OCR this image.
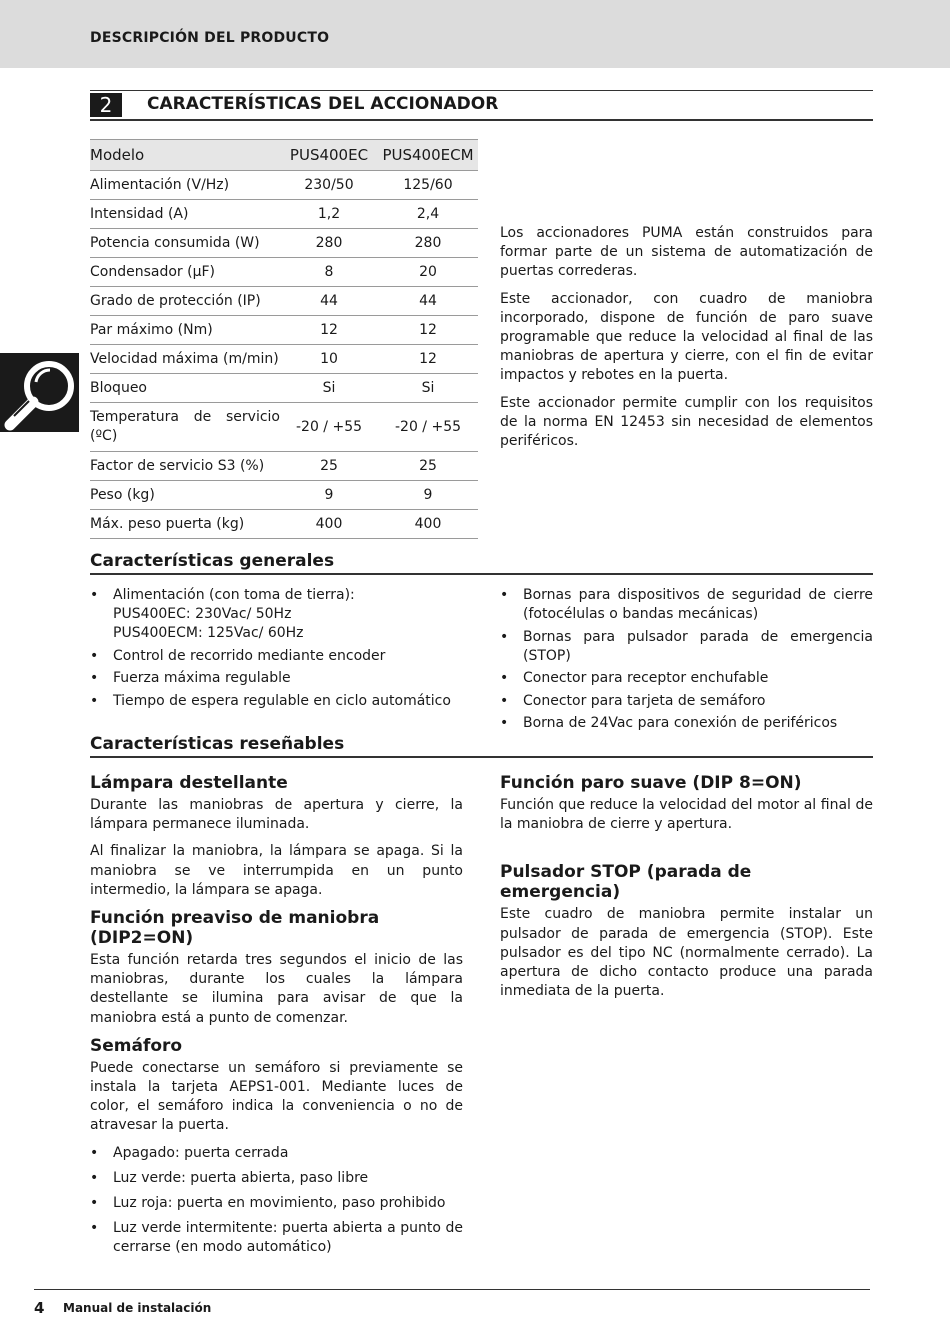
DESCRIPCIÓN DEL PRODUCTO
2	CARACTERÍSTICAS DEL ACCIONADOR
Modelo	PUS400EC	PUS400ECM
Alimentación (V/Hz)	230/50	125/60
Intensidad (A)	1,2	2,4
Potencia consumida (W)	280	280
Condensador (µF)	8	20
Grado de protección (IP)	44	44
Par máximo (Nm)	12	12
Velocidad máxima (m/min)	10	12
Bloqueo	Si	Si
Temperatura de servicio (ºC)	-20 / +55	-20 / +55
Factor de servicio S3 (%)	25	25
Peso (kg)	9	9
Máx. peso puerta (kg)	400	400

Los accionadores PUMA están construidos para formar parte de un sistema de automatización de puertas correderas.

Este accionador, con cuadro de maniobra incorporado, dispone de función de paro suave programable que reduce la velocidad al final de las maniobras de apertura y cierre, con el fin de evitar impactos y rebotes en la puerta.

Este accionador permite cumplir con los requisitos de la norma EN 12453 sin necesidad de elementos periféricos.

Características generales
• Alimentación (con toma de tierra):
PUS400EC: 230Vac/ 50Hz
PUS400ECM: 125Vac/ 60Hz
• Control de recorrido mediante encoder
• Fuerza máxima regulable
• Tiempo de espera regulable en ciclo automático
• Bornas para dispositivos de seguridad de cierre (fotocélulas o bandas mecánicas)
• Bornas para pulsador parada de emergencia (STOP)
• Conector para receptor enchufable
• Conector para tarjeta de semáforo
• Borna de 24Vac para conexión de periféricos
Características reseñables
Lámpara destellante

Durante las maniobras de apertura y cierre, la lámpara permanece iluminada.

Al finalizar la maniobra, la lámpara se apaga. Si la maniobra se ve interrumpida en un punto intermedio, la lámpara se apaga.

Función preaviso de maniobra (DIP2=ON)

Esta función retarda tres segundos el inicio de las maniobras, durante los cuales la lámpara destellante se ilumina para avisar de que la maniobra está a punto de comenzar.

Semáforo

Puede conectarse un semáforo si previamente se instala la tarjeta AEPS1-001. Mediante luces de color, el semáforo indica la conveniencia o no de atravesar la puerta.

• Apagado: puerta cerrada
• Luz verde: puerta abierta, paso libre
• Luz roja: puerta en movimiento, paso prohibido
• Luz verde intermitente: puerta abierta a punto de cerrarse (en modo automático)
Función paro suave (DIP 8=ON)

Función que reduce la velocidad del motor al final de la maniobra de cierre y apertura.

Pulsador STOP (parada de emergencia)

Este cuadro de maniobra permite instalar un pulsador de parada de emergencia (STOP). Este pulsador es del tipo NC (normalmente cerrado). La apertura de dicho contacto produce una parada inmediata de la puerta.

4 Manual de instalación
